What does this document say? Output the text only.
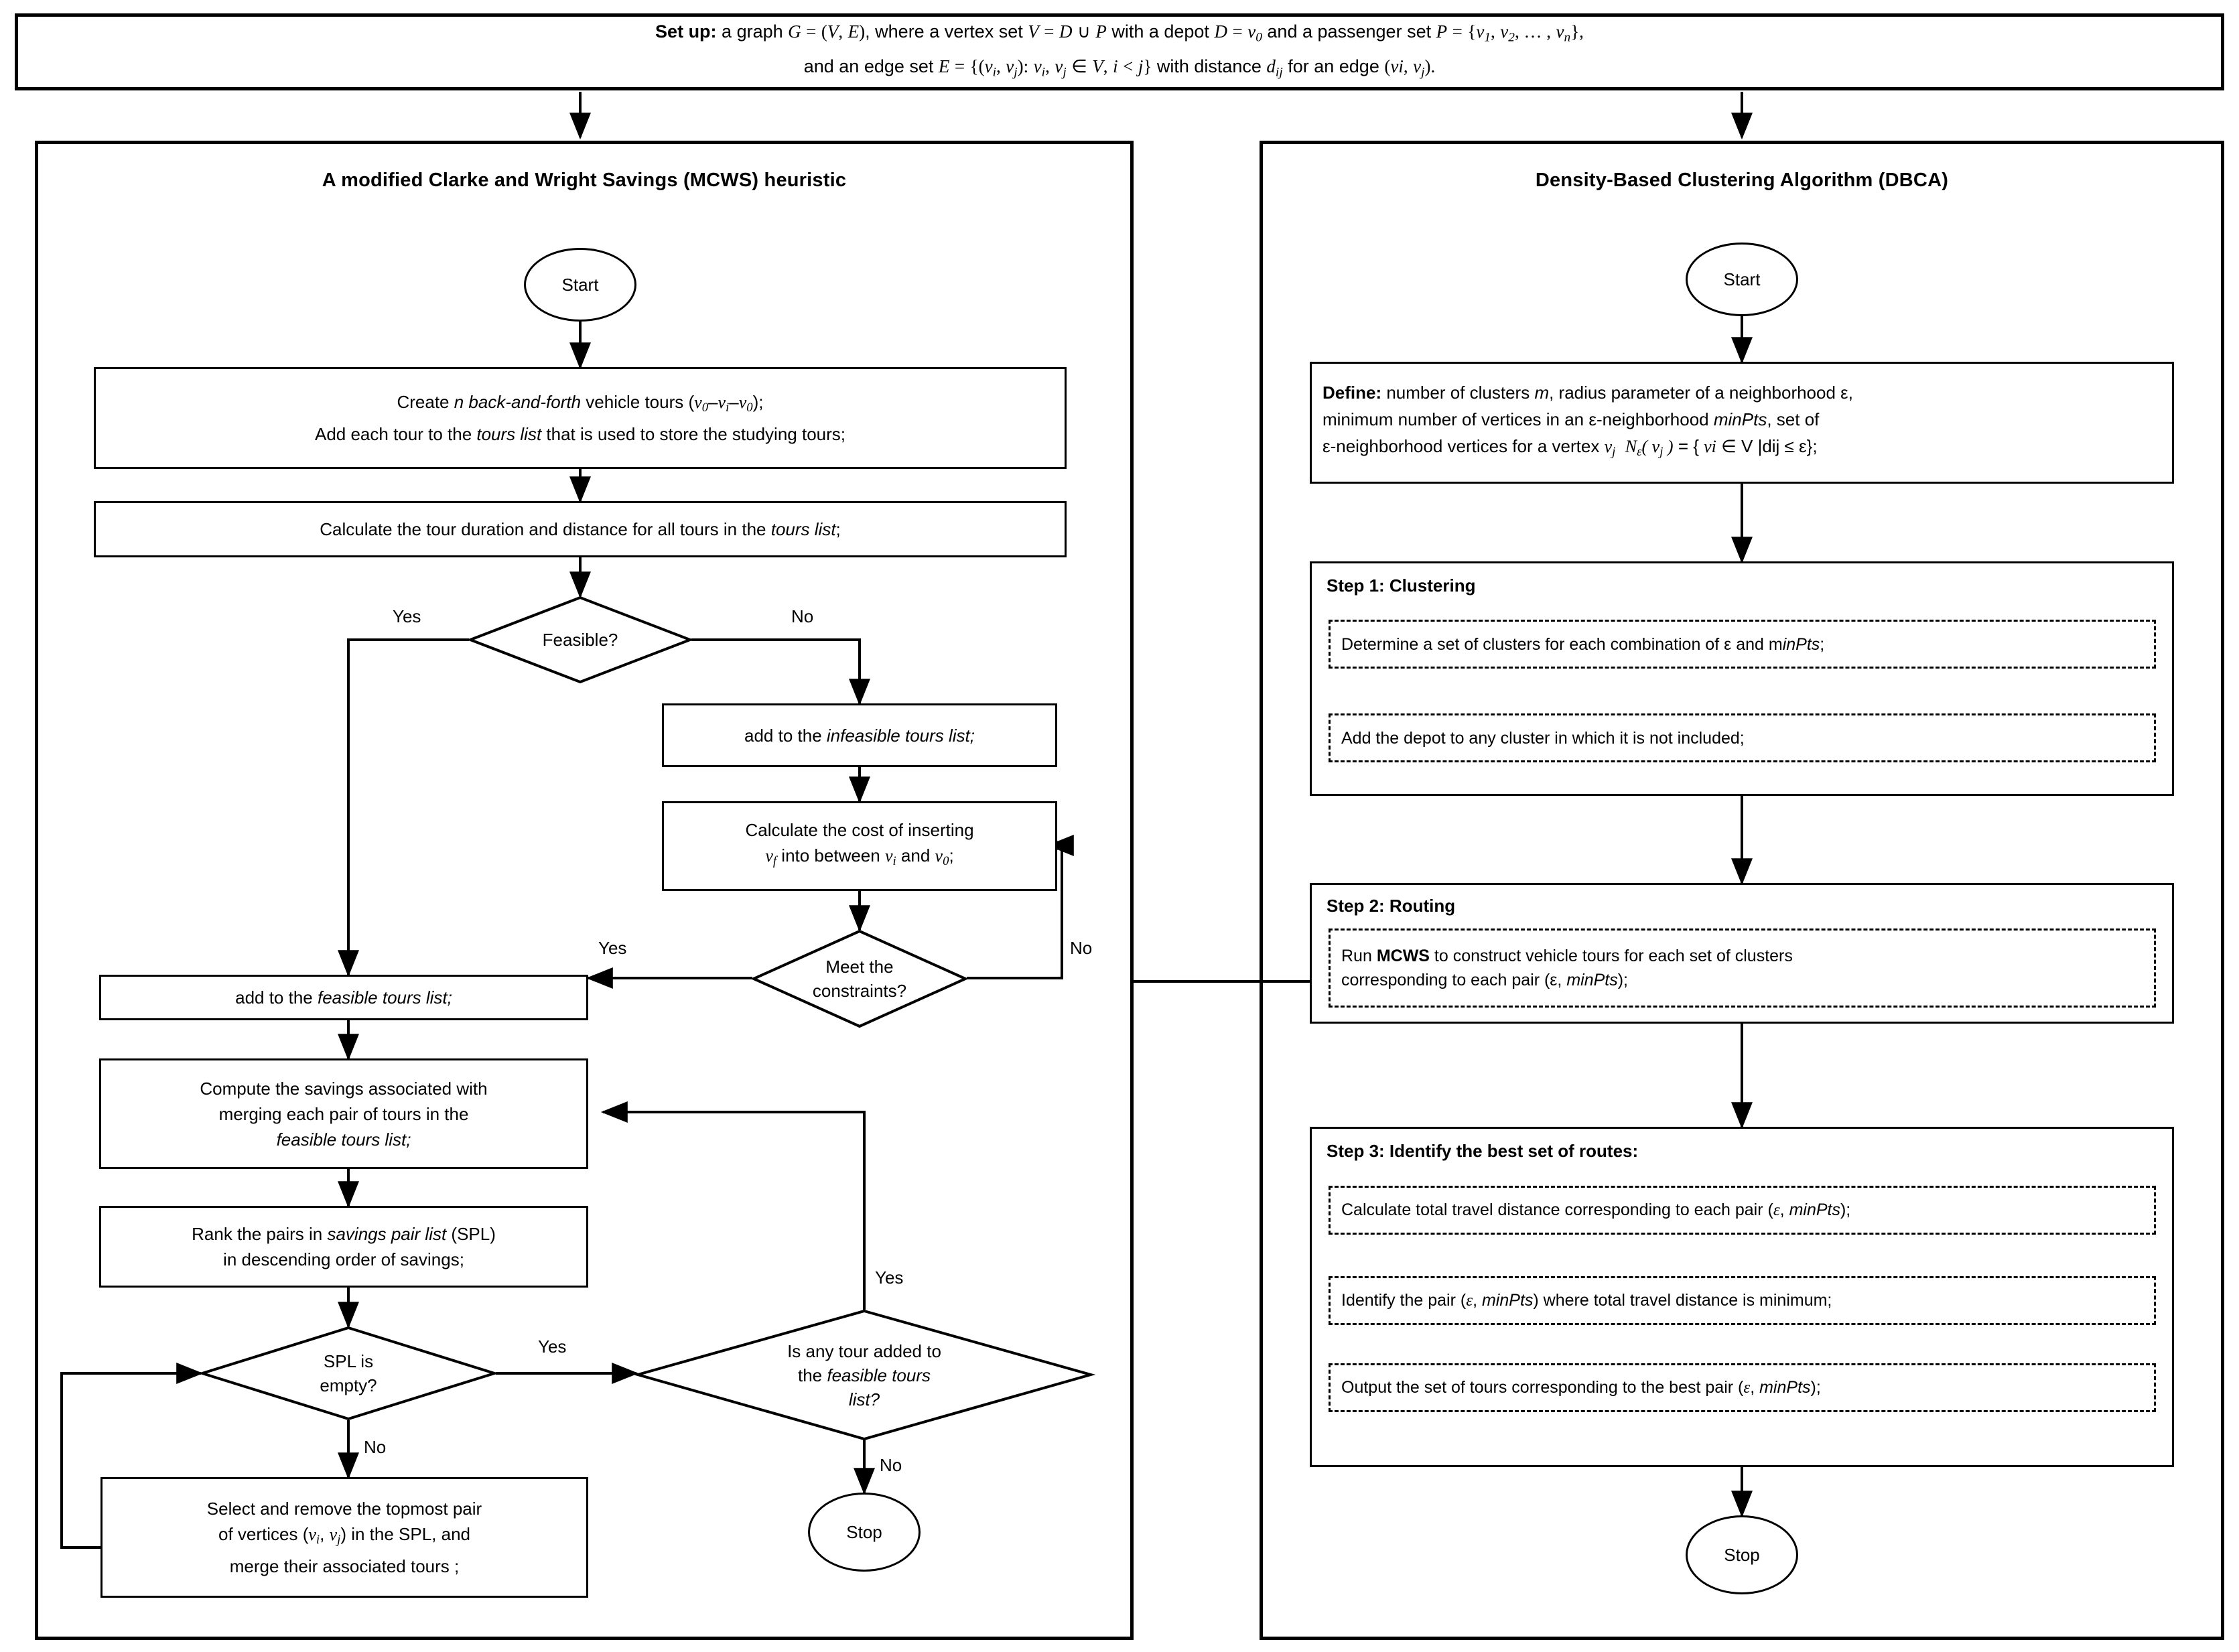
Set up: a graph G = (V, E), where a vertex set V = D ∪ P with a depot $D = v_0$ and a passenger set $P = \{v_1$, $v_2$, … , $v_n$},
and an edge set $E = \{(v_i$, $v_j$): $v_i$, $v_j$ ∈ V, i < j} with distance $d_{ij}$ for an edge (vi, $v_j$).
A modified Clarke and Wright Savings (MCWS) heuristic	Density-Based Clustering Algorithm (DBCA)
Start
Create n back-and-forth vehicle tours $(v_0-v_i-v_0)$;
Add each tour to the tours list that is used to store the studying tours;
Calculate the tour duration and distance for all tours in the tours list;
Feasible?
Yes	No
add to the infeasible tours list;
Calculate the cost of inserting
$v_f$ into between $v_i$ and $v_0$;
Meet the
constraints?
Yes	No
add to the feasible tours list;
Compute the savings associated with
merging each pair of tours in the
feasible tours list;
Rank the pairs in savings pair list (SPL)
in descending order of savings;
SPL is
empty?
Yes
No
Is any tour added to
the feasible tours
list?
Yes
No
Select and remove the topmost pair
of vertices ($v_i$, $v_j$) in the SPL, and
merge their associated tours ;
Stop
Start
Define: number of clusters m, radius parameter of a neighborhood ε,
minimum number of vertices in an ε-neighborhood minPts, set of
ε-neighborhood vertices for a vertex $v_j$ $N_\varepsilon$( $v_j$ ) = { vi ∈ V |dij ≤ ε};
Step 1: Clustering
Determine a set of clusters for each combination of ε and minPts;
Add the depot to any cluster in which it is not included;
Step 2: Routing
Run MCWS to construct vehicle tours for each set of clusters
corresponding to each pair (ε, minPts);
Step 3: Identify the best set of routes:
Calculate total travel distance corresponding to each pair (ε, minPts);
Identify the pair (ε, minPts) where total travel distance is minimum;
Output the set of tours corresponding to the best pair (ε, minPts);
Stop
